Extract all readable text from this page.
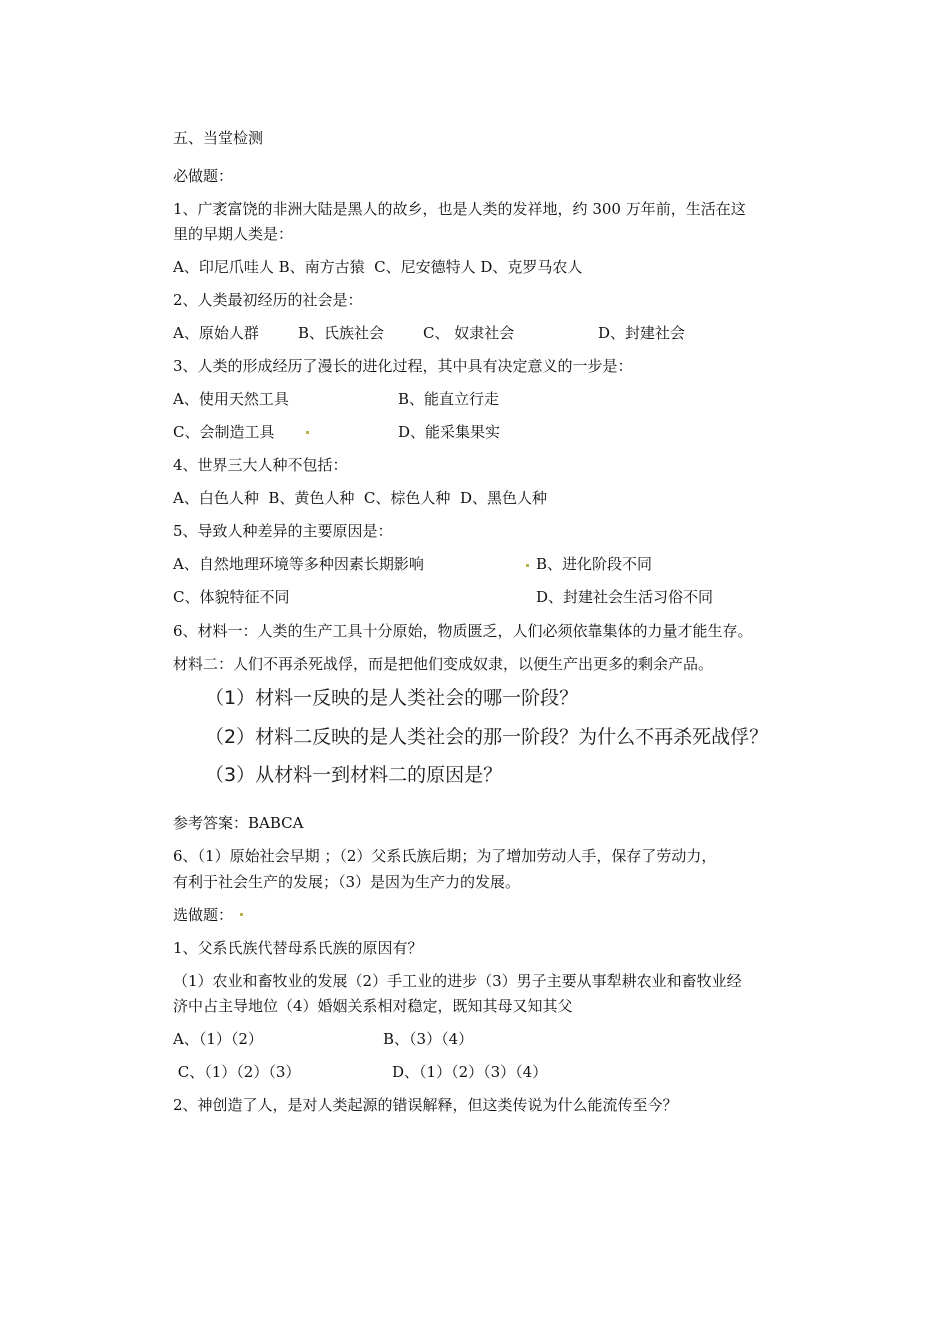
五、当堂检测
必做题：
1、广袤富饶的非洲大陆是黑人的故乡，也是人类的发祥地，约 300 万年前，生活在这
里的早期人类是：
A、印尼爪哇人 B、南方古猿  C、尼安德特人 D、克罗马农人
2、人类最初经历的社会是：
A、原始人群	B、氏族社会	C、 奴隶社会	D、封建社会
3、人类的形成经历了漫长的进化过程，其中具有决定意义的一步是：
A、使用天然工具	B、能直立行走
C、会制造工具	D、能采集果实
4、世界三大人种不包括：
A、白色人种  B、黄色人种  C、棕色人种  D、黑色人种
5、导致人种差异的主要原因是：
A、自然地理环境等多种因素长期影响	B、进化阶段不同
C、体貌特征不同	D、封建社会生活习俗不同
6、材料一：人类的生产工具十分原始，物质匮乏，人们必须依靠集体的力量才能生存。
材料二：人们不再杀死战俘，而是把他们变成奴隶，以便生产出更多的剩余产品。
（1）材料一反映的是人类社会的哪一阶段？
（2）材料二反映的是人类社会的那一阶段？为什么不再杀死战俘？
（3）从材料一到材料二的原因是？
参考答案：BABCA
6、（1）原始社会早期 ；（2）父系氏族后期；为了增加劳动人手，保存了劳动力，
有利于社会生产的发展；（3）是因为生产力的发展。
选做题：
1、父系氏族代替母系氏族的原因有？
（1）农业和畜牧业的发展（2）手工业的进步（3）男子主要从事犁耕农业和畜牧业经
济中占主导地位（4）婚姻关系相对稳定，既知其母又知其父
A、（1）（2）	B、（3）（4）
C、（1）（2）（3）	D、（1）（2）（3）（4）
2、神创造了人，是对人类起源的错误解释，但这类传说为什么能流传至今？
